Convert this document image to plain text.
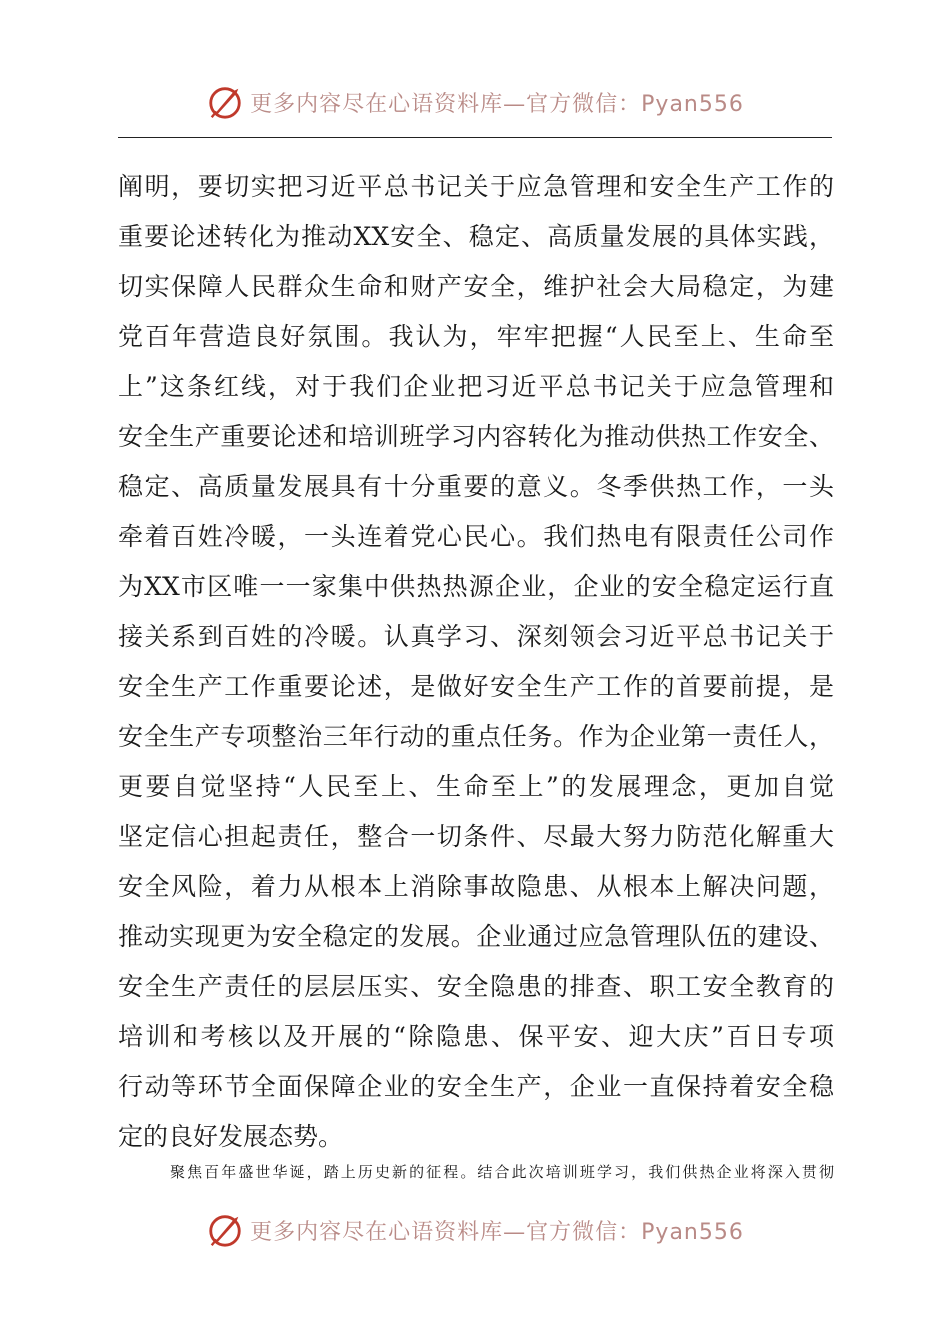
更多内容尽在心语资料库—官方微信：Pyan556
阐明，要切实把习近平总书记关于应急管理和安全生产工作的
重要论述转化为推动XX安全、稳定、高质量发展的具体实践，
切实保障人民群众生命和财产安全，维护社会大局稳定，为建
党百年营造良好氛围。我认为，牢牢把握“人民至上、生命至
上”这条红线，对于我们企业把习近平总书记关于应急管理和
安全生产重要论述和培训班学习内容转化为推动供热工作安全、
稳定、高质量发展具有十分重要的意义。冬季供热工作，一头
牵着百姓冷暖，一头连着党心民心。我们热电有限责任公司作
为XX市区唯一一家集中供热热源企业，企业的安全稳定运行直
接关系到百姓的冷暖。认真学习、深刻领会习近平总书记关于
安全生产工作重要论述，是做好安全生产工作的首要前提，是
安全生产专项整治三年行动的重点任务。作为企业第一责任人，
更要自觉坚持“人民至上、生命至上”的发展理念，更加自觉
坚定信心担起责任，整合一切条件、尽最大努力防范化解重大
安全风险，着力从根本上消除事故隐患、从根本上解决问题，
推动实现更为安全稳定的发展。企业通过应急管理队伍的建设、
安全生产责任的层层压实、安全隐患的排查、职工安全教育的
培训和考核以及开展的“除隐患、保平安、迎大庆”百日专项
行动等环节全面保障企业的安全生产，企业一直保持着安全稳
定的良好发展态势。
聚焦百年盛世华诞，踏上历史新的征程。结合此次培训班学习，我们供热企业将深入贯彻
更多内容尽在心语资料库—官方微信：Pyan556
